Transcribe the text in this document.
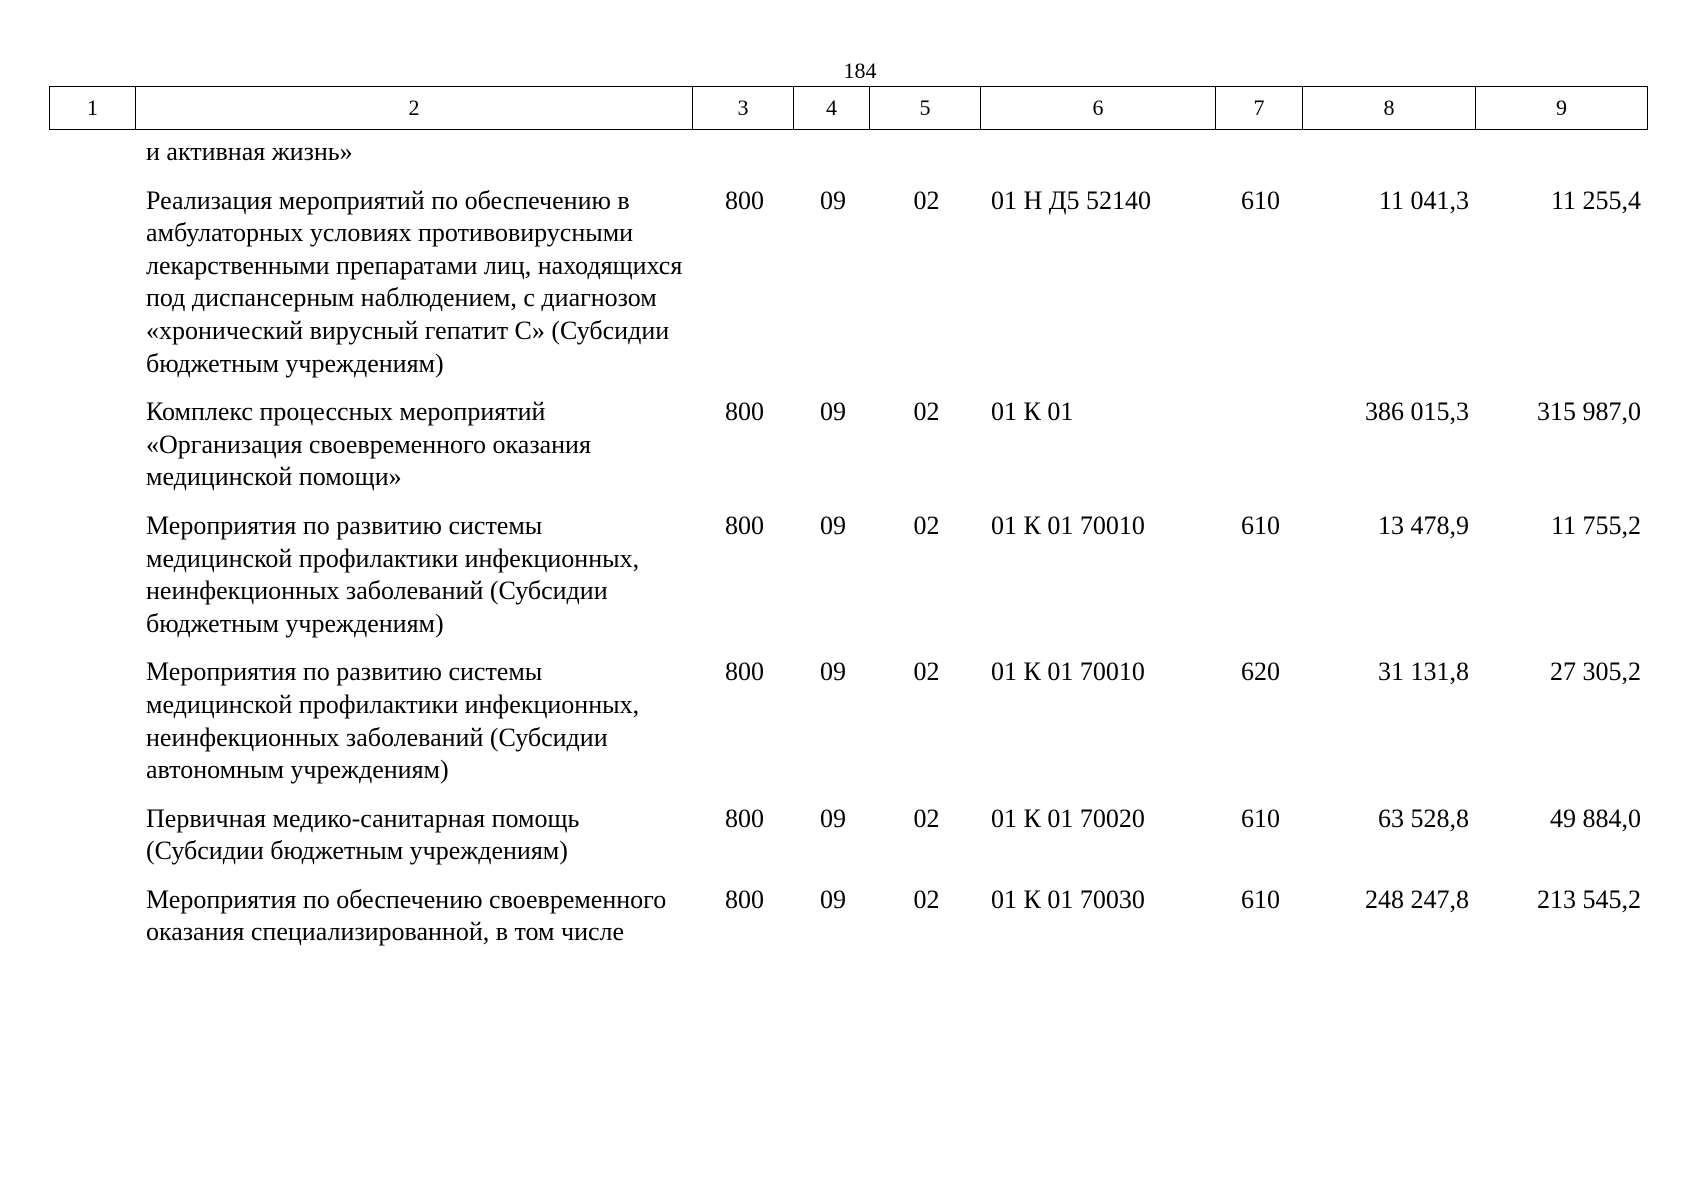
184
1	2	3	4	5	6	7	8	9
	и активная жизнь»							
	Реализация мероприятий по обеспечению в амбулаторных условиях противовирусными лекарственными препаратами лиц, находящихся под диспансерным наблюдением, с диагнозом «хронический вирусный гепатит С» (Субсидии бюджетным учреждениям)	800	09	02	01 Н Д5 52140	610	11 041,3	11 255,4
	Комплекс процессных мероприятий «Организация своевременного оказания медицинской помощи»	800	09	02	01 К 01		386 015,3	315 987,0
	Мероприятия по развитию системы медицинской профилактики инфекционных, неинфекционных заболеваний (Субсидии бюджетным учреждениям)	800	09	02	01 К 01 70010	610	13 478,9	11 755,2
	Мероприятия по развитию системы медицинской профилактики инфекционных, неинфекционных заболеваний (Субсидии автономным учреждениям)	800	09	02	01 К 01 70010	620	31 131,8	27 305,2
	Первичная медико-санитарная помощь (Субсидии бюджетным учреждениям)	800	09	02	01 К 01 70020	610	63 528,8	49 884,0
	Мероприятия по обеспечению своевременного оказания специализированной, в том числе	800	09	02	01 К 01 70030	610	248 247,8	213 545,2
